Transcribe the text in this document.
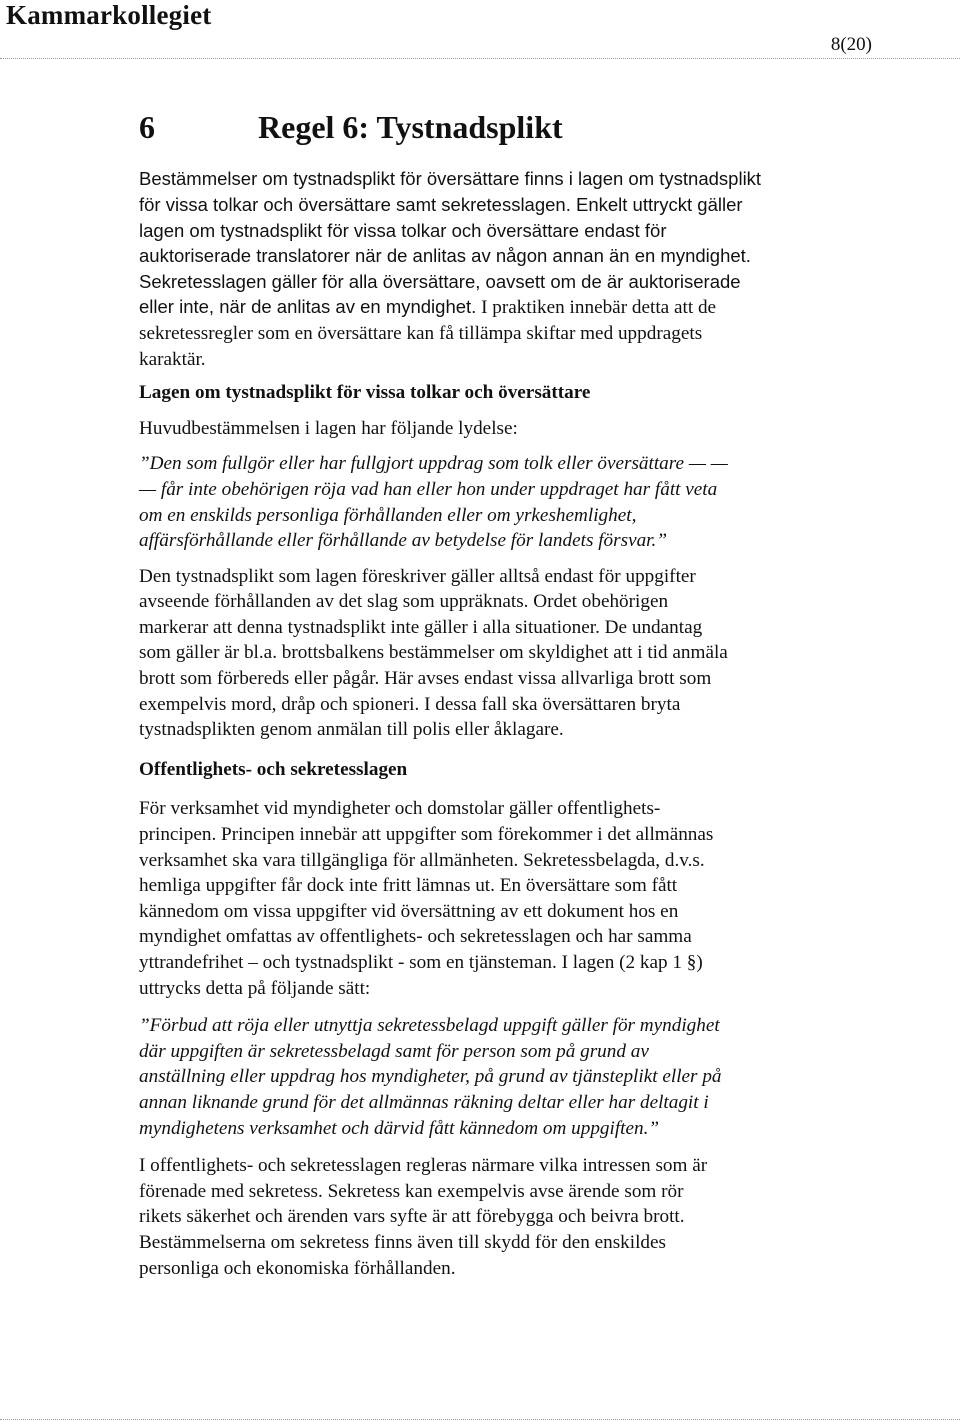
Kammarkollegiet
8(20)
6	Regel 6: Tystnadsplikt

Bestämmelser om tystnadsplikt för översättare finns i lagen om tystnadsplikt

för vissa tolkar och översättare samt sekretesslagen. Enkelt uttryckt gäller

lagen om tystnadsplikt för vissa tolkar och översättare endast för

auktoriserade translatorer när de anlitas av någon annan än en myndighet.

Sekretesslagen gäller för alla översättare, oavsett om de är auktoriserade

eller inte, när de anlitas av en myndighet. I praktiken innebär detta att de

sekretessregler som en översättare kan få tillämpa skiftar med uppdragets

karaktär.

Lagen om tystnadsplikt för vissa tolkar och översättare

Huvudbestämmelsen i lagen har följande lydelse:

”Den som fullgör eller har fullgjort uppdrag som tolk eller översättare — —

— får inte obehörigen röja vad han eller hon under uppdraget har fått veta

om en enskilds personliga förhållanden eller om yrkeshemlighet,

affärsförhållande eller förhållande av betydelse för landets försvar.”

Den tystnadsplikt som lagen föreskriver gäller alltså endast för uppgifter

avseende förhållanden av det slag som uppräknats. Ordet obehörigen

markerar att denna tystnadsplikt inte gäller i alla situationer. De undantag

som gäller är bl.a. brottsbalkens bestämmelser om skyldighet att i tid anmäla

brott som förbereds eller pågår. Här avses endast vissa allvarliga brott som

exempelvis mord, dråp och spioneri. I dessa fall ska översättaren bryta

tystnadsplikten genom anmälan till polis eller åklagare.

Offentlighets- och sekretesslagen

För verksamhet vid myndigheter och domstolar gäller offentlighets-

principen. Principen innebär att uppgifter som förekommer i det allmännas

verksamhet ska vara tillgängliga för allmänheten. Sekretessbelagda, d.v.s.

hemliga uppgifter får dock inte fritt lämnas ut. En översättare som fått

kännedom om vissa uppgifter vid översättning av ett dokument hos en

myndighet omfattas av offentlighets- och sekretesslagen och har samma

yttrandefrihet – och tystnadsplikt - som en tjänsteman. I lagen (2 kap 1 §)

uttrycks detta på följande sätt:

”Förbud att röja eller utnyttja sekretessbelagd uppgift gäller för myndighet

där uppgiften är sekretessbelagd samt för person som på grund av

anställning eller uppdrag hos myndigheter, på grund av tjänsteplikt eller på

annan liknande grund för det allmännas räkning deltar eller har deltagit i

myndighetens verksamhet och därvid fått kännedom om uppgiften.”

I offentlighets- och sekretesslagen regleras närmare vilka intressen som är

förenade med sekretess. Sekretess kan exempelvis avse ärende som rör

rikets säkerhet och ärenden vars syfte är att förebygga och beivra brott.

Bestämmelserna om sekretess finns även till skydd för den enskildes

personliga och ekonomiska förhållanden.
